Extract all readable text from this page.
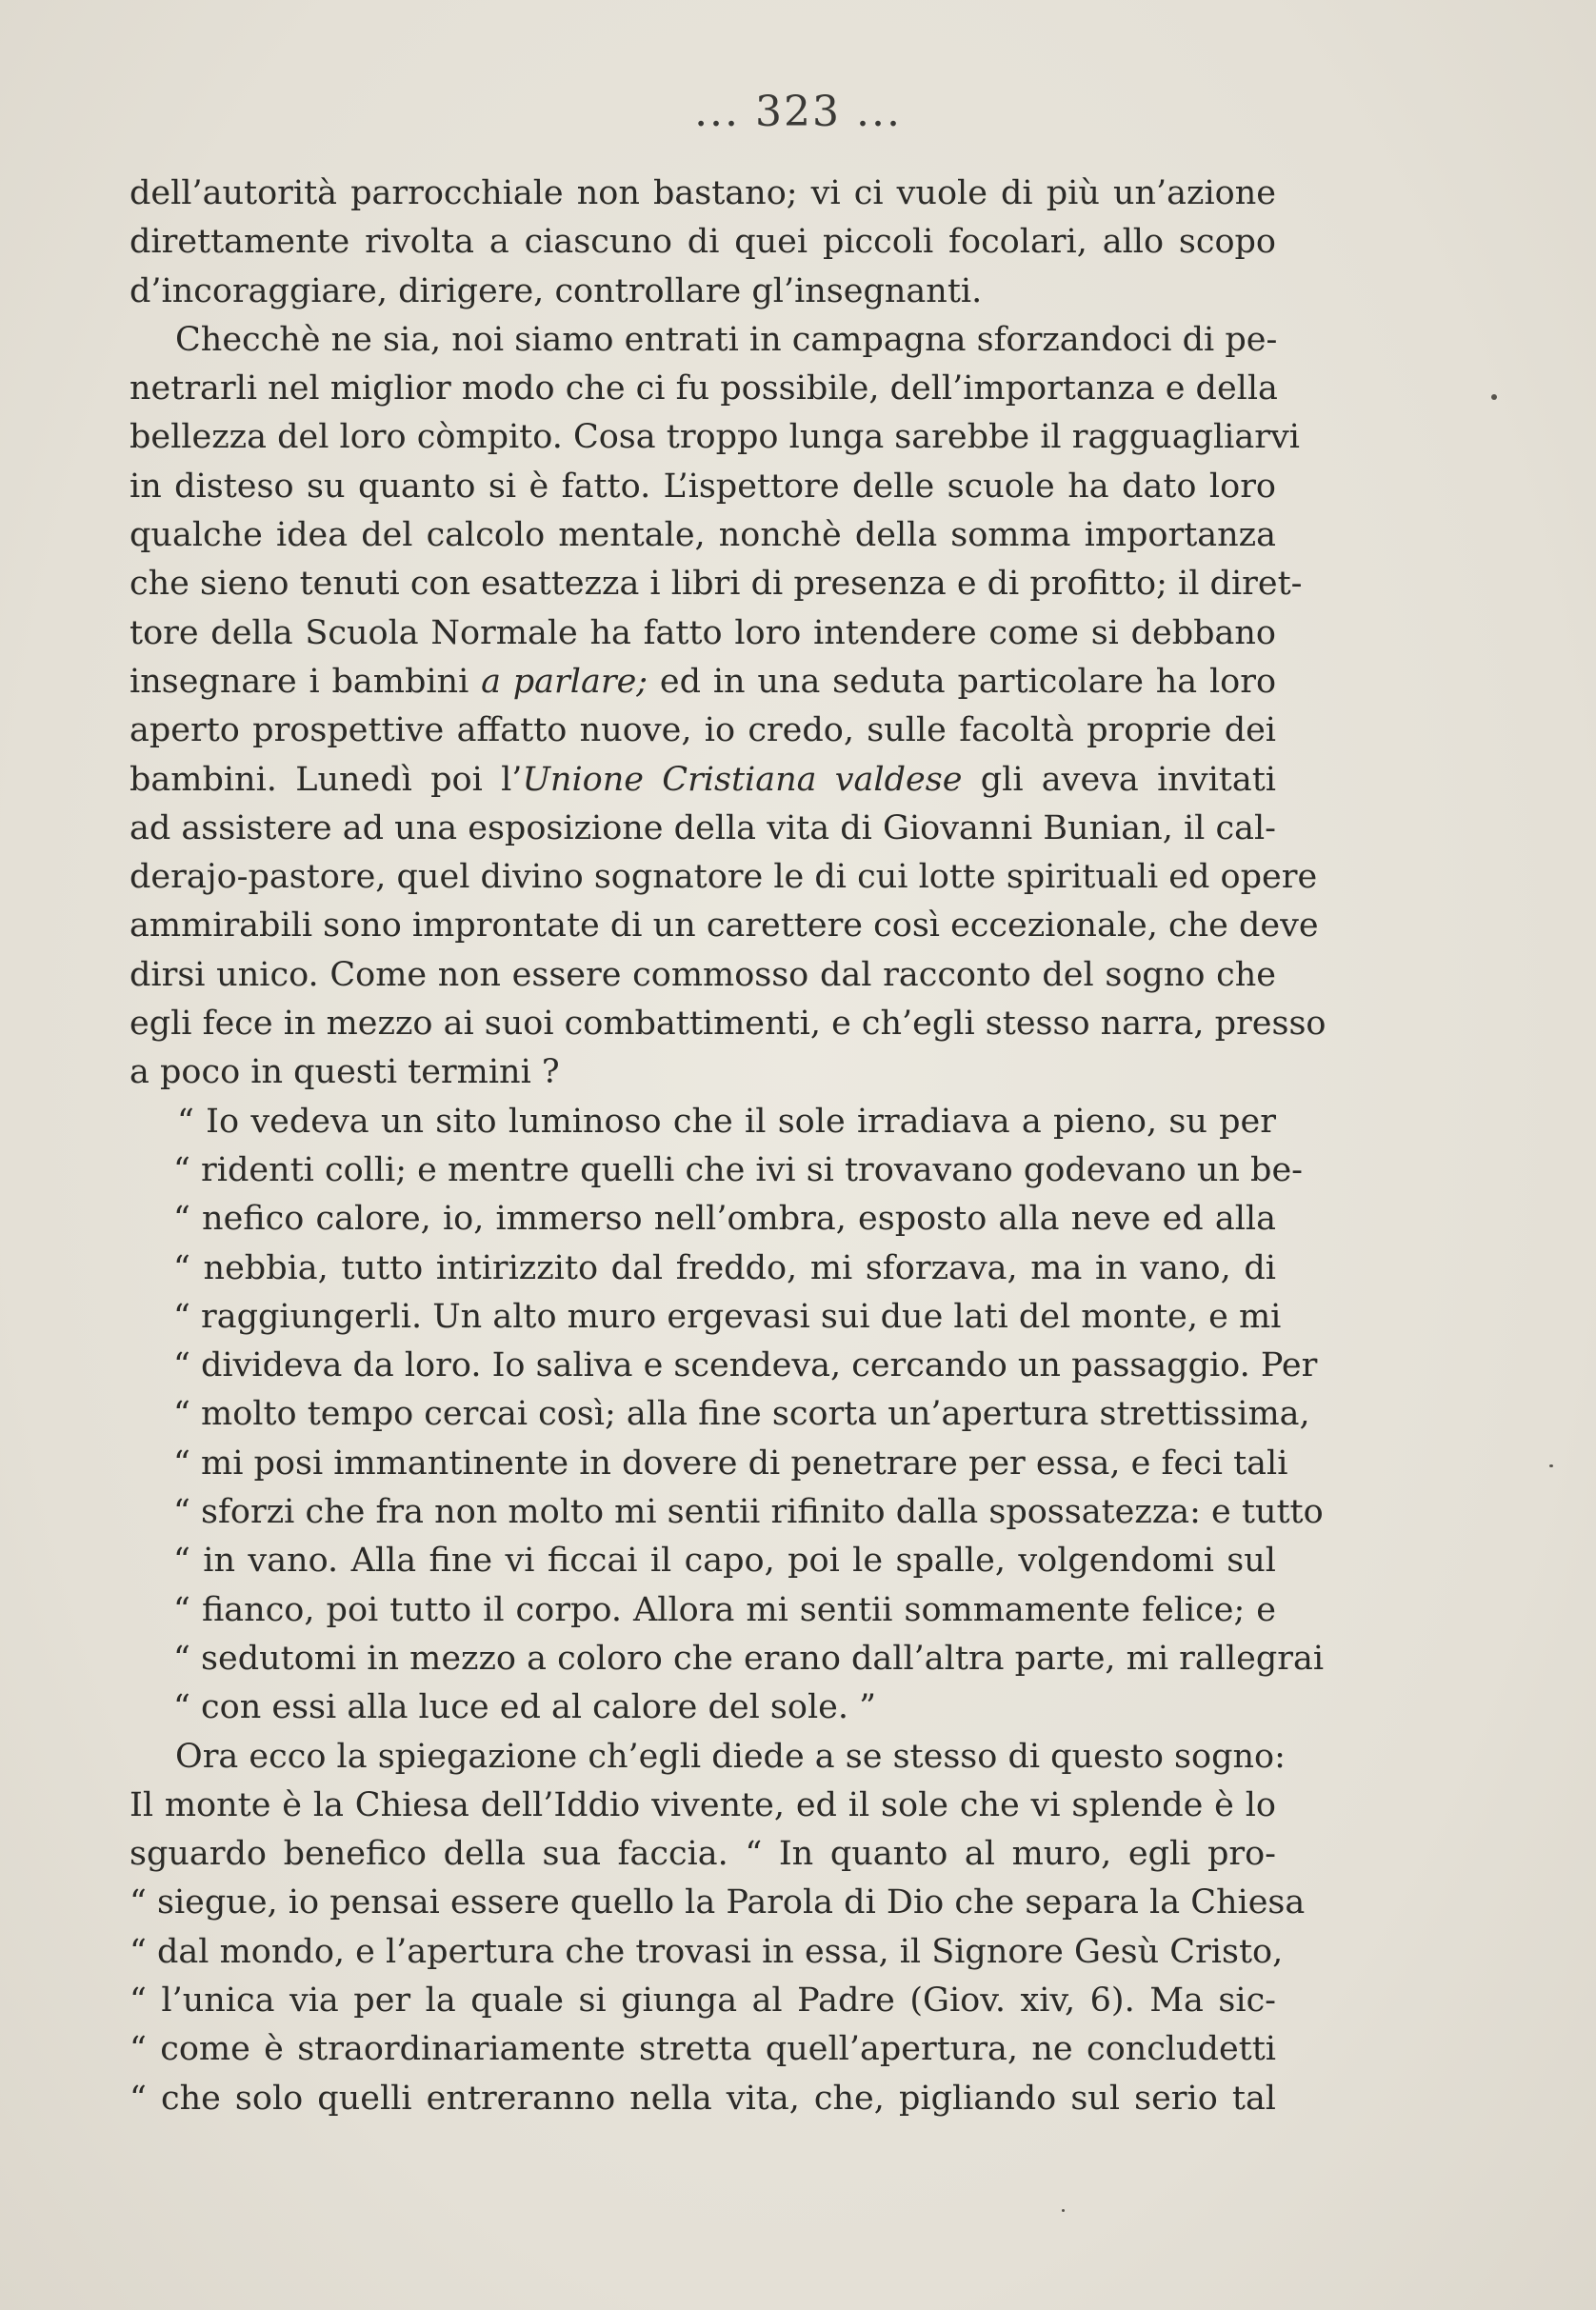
... 323 ...
dell’autorità parrocchiale non bastano; vi ci vuole di più un’azione
direttamente rivolta a ciascuno di quei piccoli focolari, allo scopo
d’incoraggiare, dirigere, controllare gl’insegnanti.
Checchè ne sia, noi siamo entrati in campagna sforzandoci di pe-
netrarli nel miglior modo che ci fu possibile, dell’importanza e della
bellezza del loro còmpito. Cosa troppo lunga sarebbe il ragguagliarvi
in disteso su quanto si è fatto. L’ispettore delle scuole ha dato loro
qualche idea del calcolo mentale, nonchè della somma importanza
che sieno tenuti con esattezza i libri di presenza e di profitto; il diret-
tore della Scuola Normale ha fatto loro intendere come si debbano
insegnare i bambini a parlare; ed in una seduta particolare ha loro
aperto prospettive affatto nuove, io credo, sulle facoltà proprie dei
bambini. Lunedì poi l’Unione Cristiana valdese gli aveva invitati
ad assistere ad una esposizione della vita di Giovanni Bunian, il cal-
derajo-pastore, quel divino sognatore le di cui lotte spirituali ed opere
ammirabili sono improntate di un carettere così eccezionale, che deve
dirsi unico. Come non essere commosso dal racconto del sogno che
egli fece in mezzo ai suoi combattimenti, e ch’egli stesso narra, presso
a poco in questi termini ?
“ Io vedeva un sito luminoso che il sole irradiava a pieno, su per
“ ridenti colli; e mentre quelli che ivi si trovavano godevano un be-
“ nefico calore, io, immerso nell’ombra, esposto alla neve ed alla
“ nebbia, tutto intirizzito dal freddo, mi sforzava, ma in vano, di
“ raggiungerli. Un alto muro ergevasi sui due lati del monte, e mi
“ divideva da loro. Io saliva e scendeva, cercando un passaggio. Per
“ molto tempo cercai così; alla fine scorta un’apertura strettissima,
“ mi posi immantinente in dovere di penetrare per essa, e feci tali
“ sforzi che fra non molto mi sentii rifinito dalla spossatezza: e tutto
“ in vano. Alla fine vi ficcai il capo, poi le spalle, volgendomi sul
“ fianco, poi tutto il corpo. Allora mi sentii sommamente felice; e
“ sedutomi in mezzo a coloro che erano dall’altra parte, mi rallegrai
“ con essi alla luce ed al calore del sole. ”
Ora ecco la spiegazione ch’egli diede a se stesso di questo sogno:
Il monte è la Chiesa dell’Iddio vivente, ed il sole che vi splende è lo
sguardo benefico della sua faccia. “ In quanto al muro, egli pro-
“ siegue, io pensai essere quello la Parola di Dio che separa la Chiesa
“ dal mondo, e l’apertura che trovasi in essa, il Signore Gesù Cristo,
“ l’unica via per la quale si giunga al Padre (Giov. xiv, 6). Ma sic-
“ come è straordinariamente stretta quell’apertura, ne concludetti
“ che solo quelli entreranno nella vita, che, pigliando sul serio tal
